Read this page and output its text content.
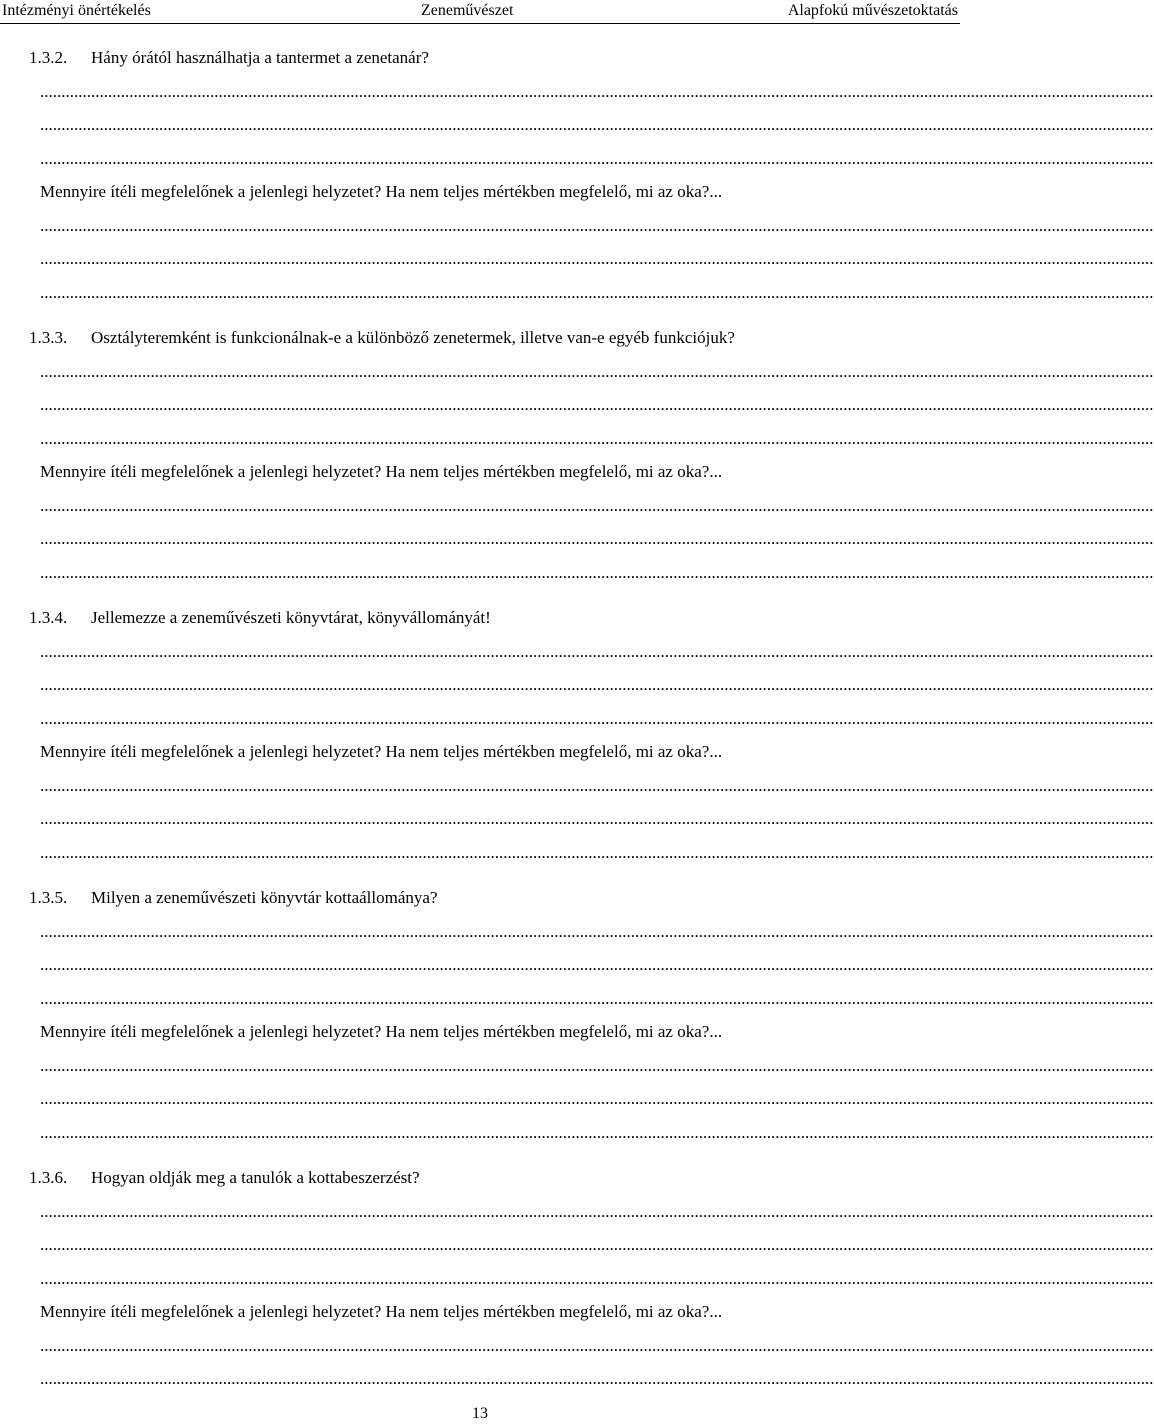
Intézményi önértékelés	Zeneművészet	Alapfokú művészetoktatás
1.3.2. Hány órától használhatja a tantermet a zenetanár?
......................................................................................................................................................................................................................................................................
......................................................................................................................................................................................................................................................................
......................................................................................................................................................................................................................................................................
Mennyire ítéli megfelelőnek a jelenlegi helyzetet? Ha nem teljes mértékben megfelelő, mi az oka?...
......................................................................................................................................................................................................................................................................
......................................................................................................................................................................................................................................................................
......................................................................................................................................................................................................................................................................
1.3.3. Osztályteremként is funkcionálnak-e a különböző zenetermek, illetve van-e egyéb funkciójuk?
......................................................................................................................................................................................................................................................................
......................................................................................................................................................................................................................................................................
......................................................................................................................................................................................................................................................................
Mennyire ítéli megfelelőnek a jelenlegi helyzetet? Ha nem teljes mértékben megfelelő, mi az oka?...
......................................................................................................................................................................................................................................................................
......................................................................................................................................................................................................................................................................
......................................................................................................................................................................................................................................................................
1.3.4. Jellemezze a zeneművészeti könyvtárat, könyvállományát!
......................................................................................................................................................................................................................................................................
......................................................................................................................................................................................................................................................................
......................................................................................................................................................................................................................................................................
Mennyire ítéli megfelelőnek a jelenlegi helyzetet? Ha nem teljes mértékben megfelelő, mi az oka?...
......................................................................................................................................................................................................................................................................
......................................................................................................................................................................................................................................................................
......................................................................................................................................................................................................................................................................
1.3.5. Milyen a zeneművészeti könyvtár kottaállománya?
......................................................................................................................................................................................................................................................................
......................................................................................................................................................................................................................................................................
......................................................................................................................................................................................................................................................................
Mennyire ítéli megfelelőnek a jelenlegi helyzetet? Ha nem teljes mértékben megfelelő, mi az oka?...
......................................................................................................................................................................................................................................................................
......................................................................................................................................................................................................................................................................
......................................................................................................................................................................................................................................................................
1.3.6. Hogyan oldják meg a tanulók a kottabeszerzést?
......................................................................................................................................................................................................................................................................
......................................................................................................................................................................................................................................................................
......................................................................................................................................................................................................................................................................
Mennyire ítéli megfelelőnek a jelenlegi helyzetet? Ha nem teljes mértékben megfelelő, mi az oka?...
......................................................................................................................................................................................................................................................................
......................................................................................................................................................................................................................................................................
13
